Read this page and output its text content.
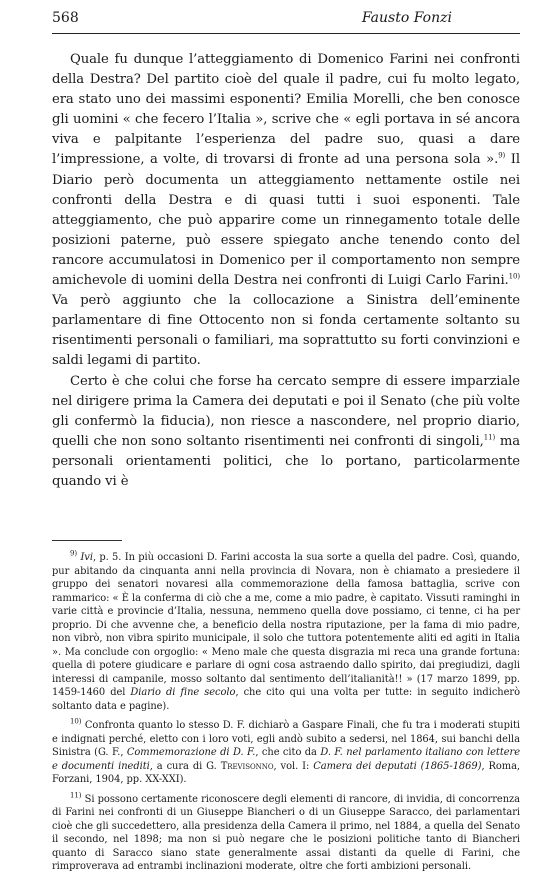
568	Fausto Fonzi

Quale fu dunque l’atteggiamento di Domenico Farini nei confronti della Destra? Del partito cioè del quale il padre, cui fu molto legato, era stato uno dei massimi esponenti? Emilia Morelli, che ben conosce gli uomini « che fecero l’Italia », scrive che « egli portava in sé ancora viva e palpitante l’esperienza del padre suo, quasi a dare l’impressione, a volte, di trovarsi di fronte ad una persona sola ».$^{9)}$ Il Diario però documenta un atteggiamento nettamente ostile nei confronti della Destra e di quasi tutti i suoi esponenti. Tale atteggiamento, che può apparire come un rinnegamento totale delle posizioni paterne, può essere spiegato anche tenendo conto del rancore accumulatosi in Domenico per il comportamento non sempre amichevole di uomini della Destra nei confronti di Luigi Carlo Farini.$^{10)}$ Va però aggiunto che la collocazione a Sinistra dell’eminente parlamentare di fine Ottocento non si fonda certamente soltanto su risentimenti personali o familiari, ma soprattutto su forti convinzioni e saldi legami di partito.

Certo è che colui che forse ha cercato sempre di essere imparziale nel dirigere prima la Camera dei deputati e poi il Senato (che più volte gli confermò la fiducia), non riesce a nascondere, nel proprio diario, quelli che non sono soltanto risentimenti nei confronti di singoli,$^{11)}$ ma personali orientamenti politici, che lo portano, particolarmente quando vi è

$^{9)}$ Ivi, p. 5. In più occasioni D. Farini accosta la sua sorte a quella del padre. Così, quando, pur abitando da cinquanta anni nella provincia di Novara, non è chiamato a presiedere il gruppo dei senatori novaresi alla commemorazione della famosa battaglia, scrive con rammarico: « È la conferma di ciò che a me, come a mio padre, è capitato. Vissuti raminghi in varie città e provincie d’Italia, nessuna, nemmeno quella dove possiamo, ci tenne, ci ha per proprio. Di che avvenne che, a beneficio della nostra riputazione, per la fama di mio padre, non vibrò, non vibra spirito municipale, il solo che tuttora potentemente aliti ed agiti in Italia ». Ma conclude con orgoglio: « Meno male che questa disgrazia mi reca una grande fortuna: quella di potere giudicare e parlare di ogni cosa astraendo dallo spirito, dai pregiudizi, dagli interessi di campanile, mosso soltanto dal sentimento dell’italianità!! » (17 marzo 1899, pp. 1459-1460 del Diario di fine secolo, che cito qui una volta per tutte: in seguito indicherò soltanto data e pagine).

$^{10)}$ Confronta quanto lo stesso D. F. dichiarò a Gaspare Finali, che fu tra i moderati stupiti e indignati perché, eletto con i loro voti, egli andò subito a sedersi, nel 1864, sui banchi della Sinistra (G. F., Commemorazione di D. F., che cito da D. F. nel parlamento italiano con lettere e documenti inediti, a cura di G. Trevisonno, vol. I: Camera dei deputati (1865-1869), Roma, Forzani, 1904, pp. XX-XXI).

$^{11)}$ Si possono certamente riconoscere degli elementi di rancore, di invidia, di concorrenza di Farini nei confronti di un Giuseppe Biancheri o di un Giuseppe Saracco, dei parlamentari cioè che gli succedettero, alla presidenza della Camera il primo, nel 1884, a quella del Senato il secondo, nel 1898; ma non si può negare che le posizioni politiche tanto di Biancheri quanto di Saracco siano state generalmente assai distanti da quelle di Farini, che rimproverava ad entrambi inclinazioni moderate, oltre che forti ambizioni personali.
